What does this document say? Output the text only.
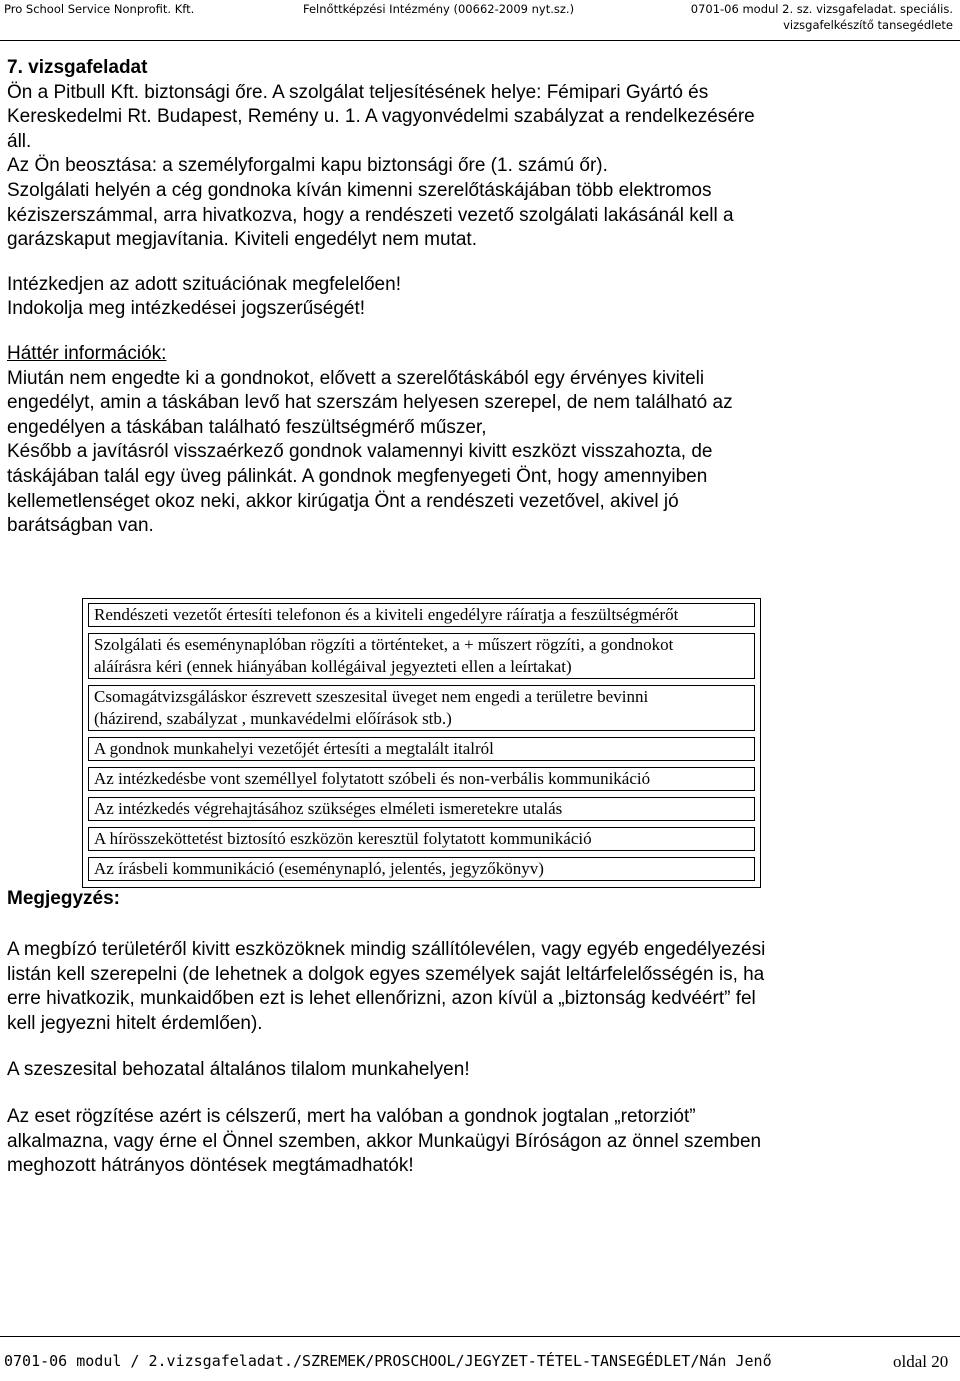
Pro School Service Nonprofit. Kft.	Felnőttképzési Intézmény (00662-2009 nyt.sz.)	0701-06 modul 2. sz. vizsgafeladat. speciális.
vizsgafelkészítő tansegédlete

7. vizsgafeladat

Ön a Pitbull Kft. biztonsági őre. A szolgálat teljesítésének helye: Fémipari Gyártó és

Kereskedelmi Rt. Budapest, Remény u. 1. A vagyonvédelmi szabályzat a rendelkezésére

áll.

Az Ön beosztása: a személyforgalmi kapu biztonsági őre (1. számú őr).

Szolgálati helyén a cég gondnoka kíván kimenni szerelőtáskájában több elektromos

kéziszerszámmal, arra hivatkozva, hogy a rendészeti vezető szolgálati lakásánál kell a

garázskaput megjavítania. Kiviteli engedélyt nem mutat.

Intézkedjen az adott szituációnak megfelelően!

Indokolja meg intézkedései jogszerűségét!

Háttér információk:

Miután nem engedte ki a gondnokot, elővett a szerelőtáskából egy érvényes kiviteli

engedélyt, amin a táskában levő hat szerszám helyesen szerepel, de nem található az

engedélyen a táskában található feszültségmérő műszer,

Később a javításról visszaérkező gondnok valamennyi kivitt eszközt visszahozta, de

táskájában talál egy üveg pálinkát. A gondnok megfenyegeti Önt, hogy amennyiben

kellemetlenséget okoz neki, akkor kirúgatja Önt a rendészeti vezetővel, akivel jó

barátságban van.

Rendészeti vezetőt értesíti telefonon és a kiviteli engedélyre ráíratja a feszültségmérőt
Szolgálati és eseménynaplóban rögzíti a történteket, a + műszert rögzíti, a gondnokot
aláírásra kéri (ennek hiányában kollégáival jegyezteti ellen a leírtakat)
Csomagátvizsgáláskor észrevett szeszesital üveget nem engedi a területre bevinni
(házirend, szabályzat , munkavédelmi előírások stb.)
A gondnok munkahelyi vezetőjét értesíti a megtalált italról
Az intézkedésbe vont személlyel folytatott szóbeli és non-verbális kommunikáció
Az intézkedés végrehajtásához szükséges elméleti ismeretekre utalás
A hírösszeköttetést biztosító eszközön keresztül folytatott kommunikáció
Az írásbeli kommunikáció (eseménynapló, jelentés, jegyzőkönyv)
Megjegyzés:

A megbízó területéről kivitt eszközöknek mindig szállítólevélen, vagy egyéb engedélyezési

listán kell szerepelni (de lehetnek a dolgok egyes személyek saját leltárfelelősségén is, ha

erre hivatkozik, munkaidőben ezt is lehet ellenőrizni, azon kívül a „biztonság kedvéért” fel

kell jegyezni hitelt érdemlően).

A szeszesital behozatal általános tilalom munkahelyen!

Az eset rögzítése azért is célszerű, mert ha valóban a gondnok jogtalan „retorziót”

alkalmazna, vagy érne el Önnel szemben, akkor Munkaügyi Bíróságon az önnel szemben

meghozott hátrányos döntések megtámadhatók!

0701-06 modul / 2.vizsgafeladat./SZREMEK/PROSCHOOL/JEGYZET-TÉTEL-TANSEGÉDLET/Nán Jenő	oldal 20
